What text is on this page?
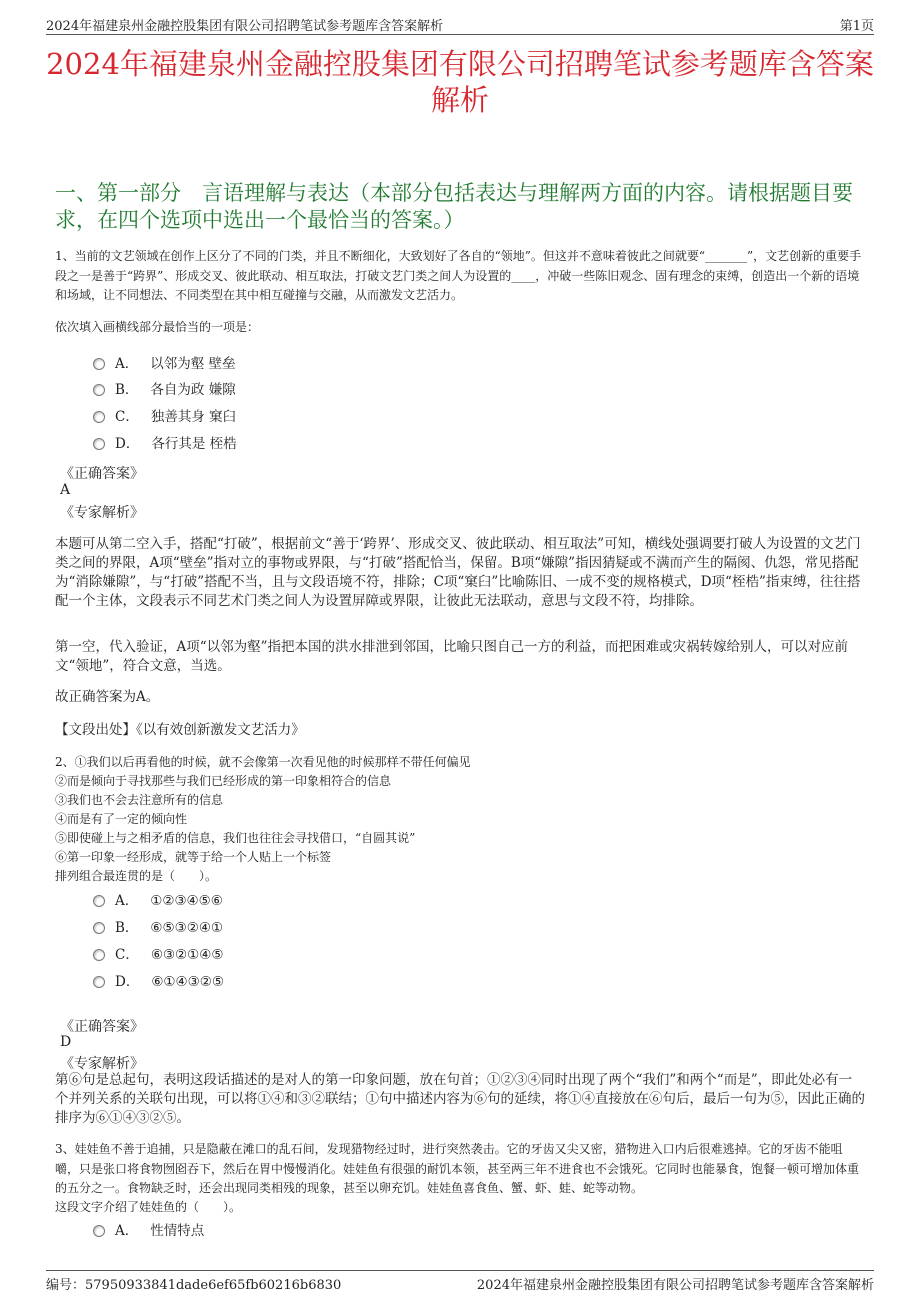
2024年福建泉州金融控股集团有限公司招聘笔试参考题库含答案解析	第1页
2024年福建泉州金融控股集团有限公司招聘笔试参考题库含答案解析
一、第一部分　言语理解与表达（本部分包括表达与理解两方面的内容。请根据题目要求，在四个选项中选出一个最恰当的答案。）
1、当前的文艺领域在创作上区分了不同的门类，并且不断细化，大致划好了各自的“领地”。但这并不意味着彼此之间就要“_______”，文艺创新的重要手段之一是善于“跨界”、形成交叉、彼此联动、相互取法，打破文艺门类之间人为设置的____，冲破一些陈旧观念、固有理念的束缚，创造出一个新的语境和场域，让不同想法、不同类型在其中相互碰撞与交融，从而激发文艺活力。
依次填入画横线部分最恰当的一项是：
A． 以邻为壑 壁垒
B． 各自为政 嫌隙
C． 独善其身 窠臼
D． 各行其是 桎梏
《正确答案》
A
《专家解析》
本题可从第二空入手，搭配“打破”，根据前文“善于‘跨界’、形成交叉、彼此联动、相互取法”可知，横线处强调要打破人为设置的文艺门类之间的界限，A项“壁垒”指对立的事物或界限，与“打破”搭配恰当，保留。B项“嫌隙”指因猜疑或不满而产生的隔阂、仇怨，常见搭配为“消除嫌隙”，与“打破”搭配不当，且与文段语境不符，排除；C项“窠臼”比喻陈旧、一成不变的规格模式，D项“桎梏”指束缚，往往搭配一个主体，文段表示不同艺术门类之间人为设置屏障或界限，让彼此无法联动，意思与文段不符，均排除。
第一空，代入验证，A项“以邻为壑”指把本国的洪水排泄到邻国，比喻只图自己一方的利益，而把困难或灾祸转嫁给别人，可以对应前文“领地”，符合文意，当选。
故正确答案为A。
【文段出处】《以有效创新激发文艺活力》

2、①我们以后再看他的时候，就不会像第一次看见他的时候那样不带任何偏见

②而是倾向于寻找那些与我们已经形成的第一印象相符合的信息

③我们也不会去注意所有的信息

④而是有了一定的倾向性

⑤即使碰上与之相矛盾的信息，我们也往往会寻找借口，“自圆其说”

⑥第一印象一经形成，就等于给一个人贴上一个标签

排列组合最连贯的是（　　）。

A． ①②③④⑤⑥
B． ⑥⑤③②④①
C． ⑥③②①④⑤
D． ⑥①④③②⑤
《正确答案》
D
《专家解析》
第⑥句是总起句，表明这段话描述的是对人的第一印象问题，放在句首；①②③④同时出现了两个“我们”和两个“而是”，即此处必有一个并列关系的关联句出现，可以将①④和③②联结；①句中描述内容为⑥句的延续，将①④直接放在⑥句后，最后一句为⑤，因此正确的排序为⑥①④③②⑤。
3、娃娃鱼不善于追捕，只是隐蔽在滩口的乱石间，发现猎物经过时，进行突然袭击。它的牙齿又尖又密，猎物进入口内后很难逃掉。它的牙齿不能咀嚼，只是张口将食物囫囵吞下，然后在胃中慢慢消化。娃娃鱼有很强的耐饥本领，甚至两三年不进食也不会饿死。它同时也能暴食，饱餐一顿可增加体重的五分之一。食物缺乏时，还会出现同类相残的现象，甚至以卵充饥。娃娃鱼喜食鱼、蟹、虾、蛙、蛇等动物。
这段文字介绍了娃娃鱼的（　　）。
A． 性情特点
编号：57950933841dade6ef65fb60216b6830	2024年福建泉州金融控股集团有限公司招聘笔试参考题库含答案解析
